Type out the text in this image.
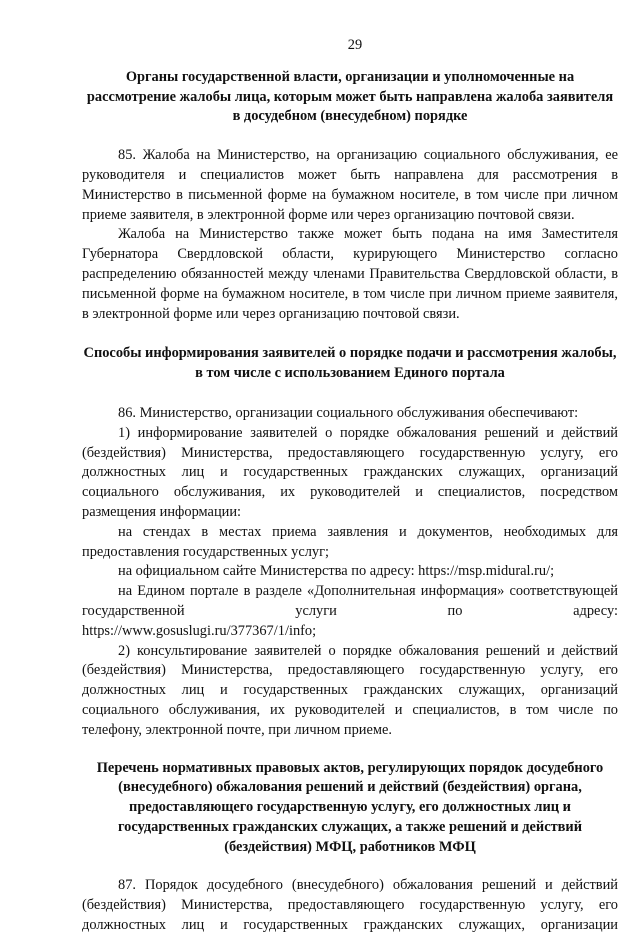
29
Органы государственной власти, организации и уполномоченные на рассмотрение жалобы лица, которым может быть направлена жалоба заявителя в досудебном (внесудебном) порядке

85. Жалоба на Министерство, на организацию социального обслуживания, ее руководителя и специалистов может быть направлена для рассмотрения в Министерство в письменной форме на бумажном носителе, в том числе при личном приеме заявителя, в электронной форме или через организацию почтовой связи.

Жалоба на Министерство также может быть подана на имя Заместителя Губернатора Свердловской области, курирующего Министерство согласно распределению обязанностей между членами Правительства Свердловской области, в письменной форме на бумажном носителе, в том числе при личном приеме заявителя, в электронной форме или через организацию почтовой связи.

Способы информирования заявителей о порядке подачи и рассмотрения жалобы, в том числе с использованием Единого портала

86. Министерство, организации социального обслуживания обеспечивают:

1) информирование заявителей о порядке обжалования решений и действий (бездействия) Министерства, предоставляющего государственную услугу, его должностных лиц и государственных гражданских служащих, организаций социального обслуживания, их руководителей и специалистов, посредством размещения информации:

на стендах в местах приема заявления и документов, необходимых для предоставления государственных услуг;

на официальном сайте Министерства по адресу: https://msp.midural.ru/;

на Едином портале в разделе «Дополнительная информация» соответствующей государственной услуги по адресу:

https://www.gosuslugi.ru/377367/1/info;

2) консультирование заявителей о порядке обжалования решений и действий (бездействия) Министерства, предоставляющего государственную услугу, его должностных лиц и государственных гражданских служащих, организаций социального обслуживания, их руководителей и специалистов, в том числе по телефону, электронной почте, при личном приеме.

Перечень нормативных правовых актов, регулирующих порядок досудебного (внесудебного) обжалования решений и действий (бездействия) органа, предоставляющего государственную услугу, его должностных лиц и государственных гражданских служащих, а также решений и действий (бездействия) МФЦ, работников МФЦ

87. Порядок досудебного (внесудебного) обжалования решений и действий (бездействия) Министерства, предоставляющего государственную услугу, его должностных лиц и государственных гражданских служащих, организации
